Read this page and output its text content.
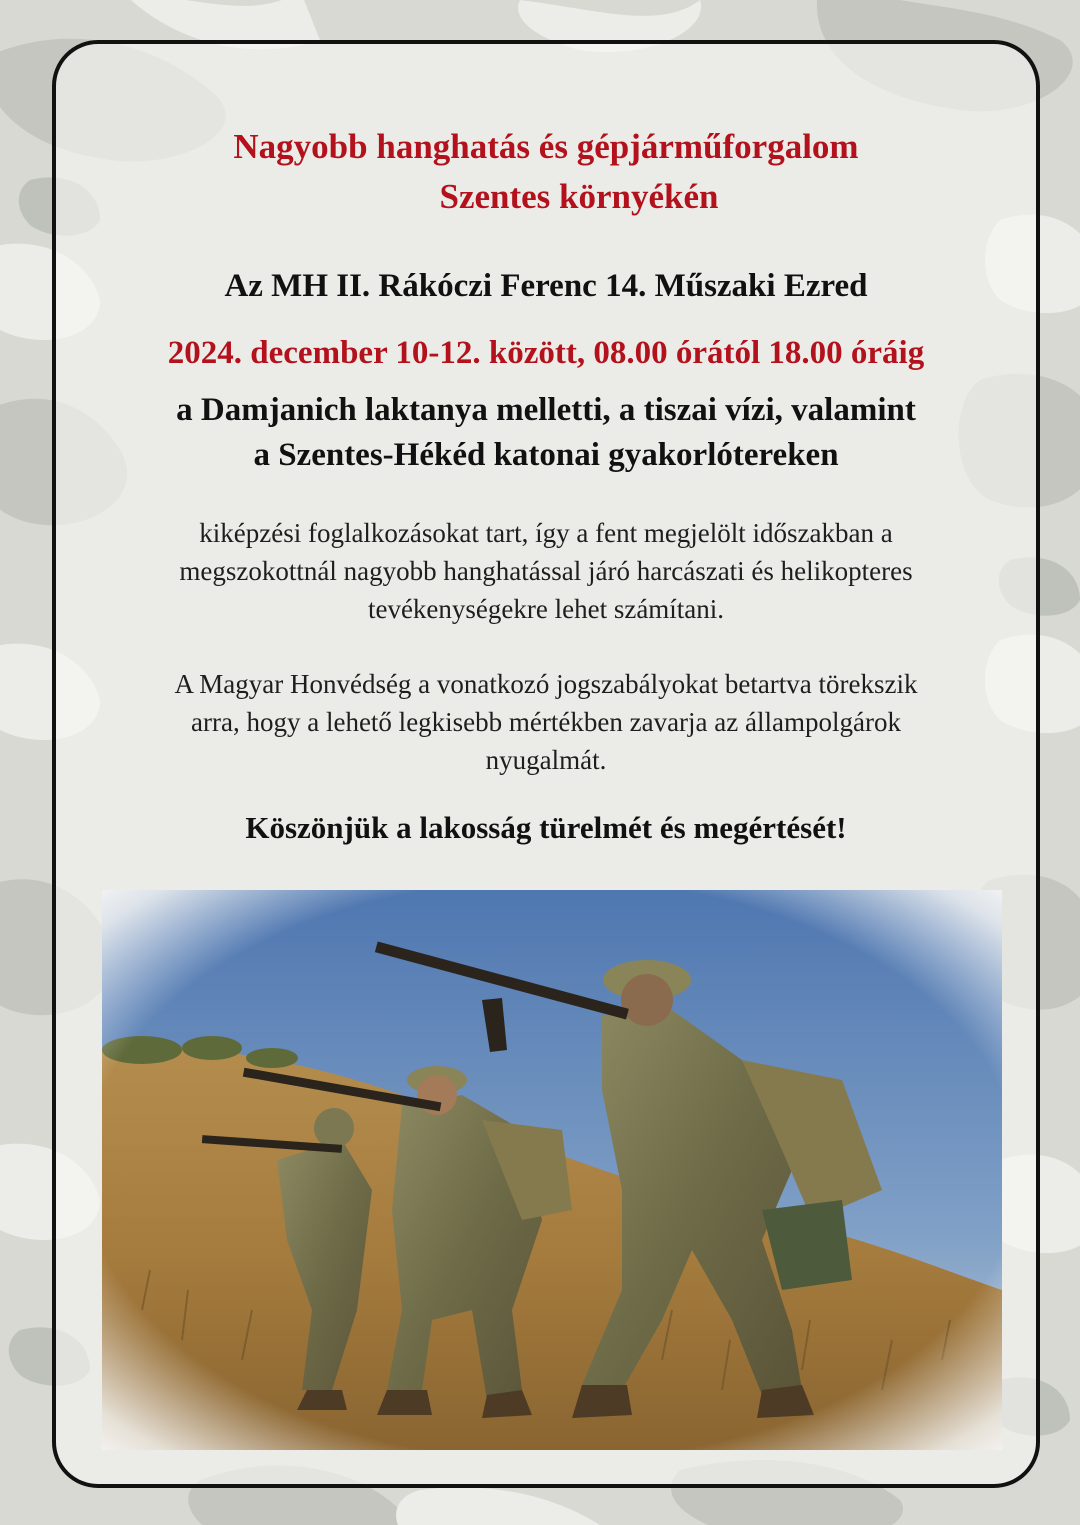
Nagyobb hanghatás és gépjárműforgalom
Szentes környékén

Az MH II. Rákóczi Ferenc 14. Műszaki Ezred

2024. december 10-12. között, 08.00 órától 18.00 óráig

a Damjanich laktanya melletti, a tiszai vízi, valamint
a Szentes-Hékéd katonai gyakorlótereken

kiképzési foglalkozásokat tart, így a fent megjelölt időszakban a
megszokottnál nagyobb hanghatással járó harcászati és helikopteres
tevékenységekre lehet számítani.

A Magyar Honvédség a vonatkozó jogszabályokat betartva törekszik
arra, hogy a lehető legkisebb mértékben zavarja az állampolgárok
nyugalmát.

Köszönjük a lakosság türelmét és megértését!
